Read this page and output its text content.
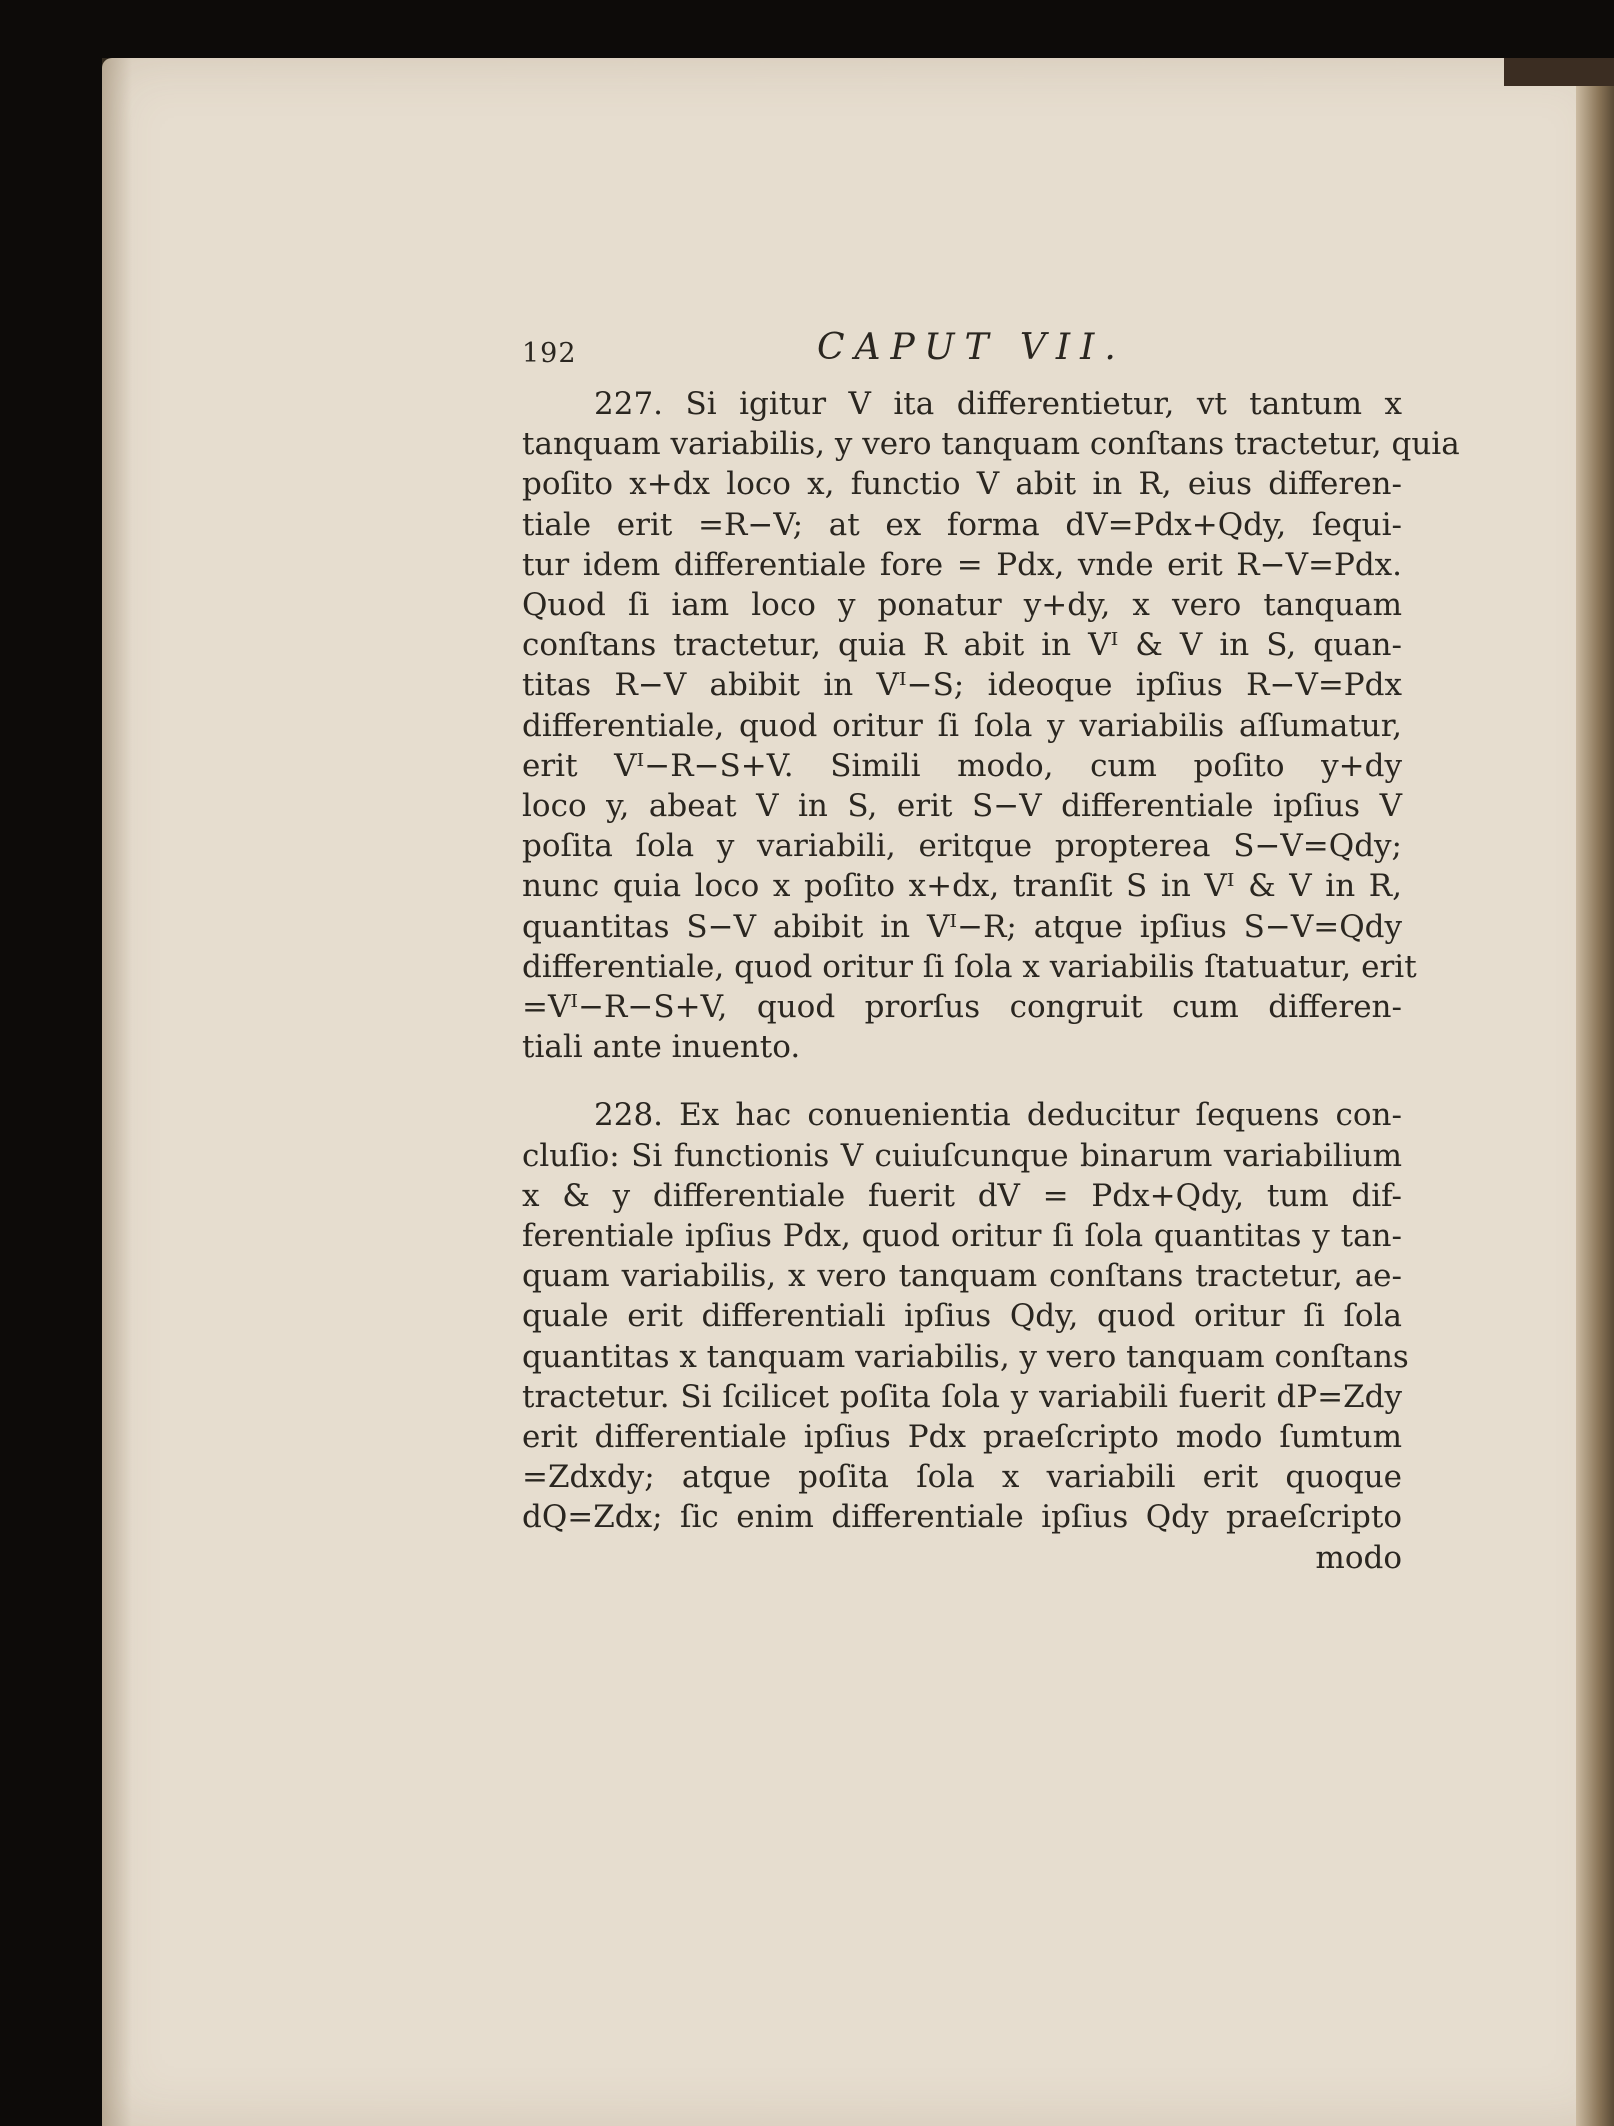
192	CAPUT VII.
227. Si igitur V ita differentietur, vt tantum x
tanquam variabilis, y vero tanquam conſtans tractetur, quia
poſito x+dx loco x, functio V abit in R, eius differen-
tiale erit =R−V; at ex forma dV=Pdx+Qdy, ſequi-
tur idem differentiale fore = Pdx, vnde erit R−V=Pdx.
Quod ſi iam loco y ponatur y+dy, x vero tanquam
conſtans tractetur, quia R abit in Vᴵ & V in S, quan-
titas R−V abibit in Vᴵ−S; ideoque ipſius R−V=Pdx
differentiale, quod oritur ſi ſola y variabilis aſſumatur,
erit Vᴵ−R−S+V. Simili modo, cum poſito y+dy
loco y, abeat V in S, erit S−V differentiale ipſius V
poſita ſola y variabili, eritque propterea S−V=Qdy;
nunc quia loco x poſito x+dx, tranſit S in Vᴵ & V in R,
quantitas S−V abibit in Vᴵ−R; atque ipſius S−V=Qdy
differentiale, quod oritur ſi ſola x variabilis ſtatuatur, erit
=Vᴵ−R−S+V, quod prorſus congruit cum differen-
tiali ante inuento.
228. Ex hac conuenientia deducitur ſequens con-
cluſio: Si functionis V cuiuſcunque binarum variabilium
x & y differentiale fuerit dV = Pdx+Qdy, tum dif-
ferentiale ipſius Pdx, quod oritur ſi ſola quantitas y tan-
quam variabilis, x vero tanquam conſtans tractetur, ae-
quale erit differentiali ipſius Qdy, quod oritur ſi ſola
quantitas x tanquam variabilis, y vero tanquam conſtans
tractetur. Si ſcilicet poſita ſola y variabili fuerit dP=Zdy
erit differentiale ipſius Pdx praeſcripto modo ſumtum
=Zdxdy; atque poſita ſola x variabili erit quoque
dQ=Zdx; ſic enim differentiale ipſius Qdy praeſcripto
modo
